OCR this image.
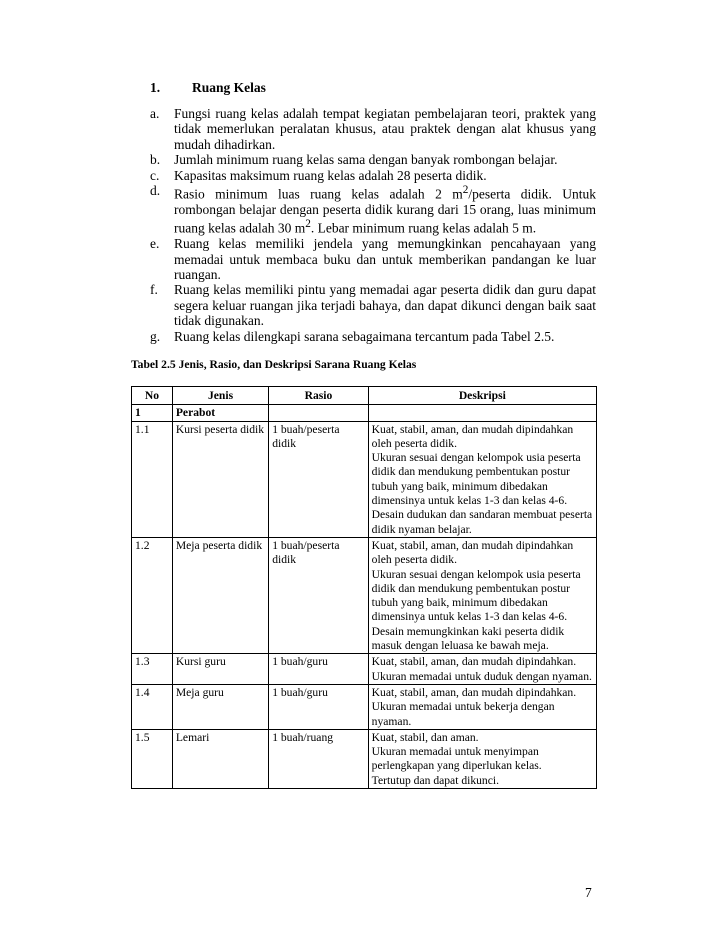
1. Ruang Kelas
a. Fungsi ruang kelas adalah tempat kegiatan pembelajaran teori, praktek yang tidak memerlukan peralatan khusus, atau praktek dengan alat khusus yang mudah dihadirkan.
b. Jumlah minimum ruang kelas sama dengan banyak rombongan belajar.
c. Kapasitas maksimum ruang kelas adalah 28 peserta didik.
d. Rasio minimum luas ruang kelas adalah 2 $m^2$/peserta didik. Untuk rombongan belajar dengan peserta didik kurang dari 15 orang, luas minimum ruang kelas adalah 30 $m^2$. Lebar minimum ruang kelas adalah 5 m.
e. Ruang kelas memiliki jendela yang memungkinkan pencahayaan yang memadai untuk membaca buku dan untuk memberikan pandangan ke luar ruangan.
f. Ruang kelas memiliki pintu yang memadai agar peserta didik dan guru dapat segera keluar ruangan jika terjadi bahaya, dan dapat dikunci dengan baik saat tidak digunakan.
g. Ruang kelas dilengkapi sarana sebagaimana tercantum pada Tabel 2.5.
Tabel 2.5 Jenis, Rasio, dan Deskripsi Sarana Ruang Kelas
No	Jenis	Rasio	Deskripsi
1	Perabot		
1.1	Kursi peserta didik	1 buah/peserta didik	Kuat, stabil, aman, dan mudah dipindahkan oleh peserta didik.
Ukuran sesuai dengan kelompok usia peserta didik dan mendukung pembentukan postur tubuh yang baik, minimum dibedakan dimensinya untuk kelas 1-3 dan kelas 4-6.
Desain dudukan dan sandaran membuat peserta didik nyaman belajar.

1.2	Meja peserta didik	1 buah/peserta didik	Kuat, stabil, aman, dan mudah dipindahkan oleh peserta didik.
Ukuran sesuai dengan kelompok usia peserta didik dan mendukung pembentukan postur tubuh yang baik, minimum dibedakan dimensinya untuk kelas 1-3 dan kelas 4-6.
Desain memungkinkan kaki peserta didik masuk dengan leluasa ke bawah meja.

1.3	Kursi guru	1 buah/guru	Kuat, stabil, aman, dan mudah dipindahkan.
Ukuran memadai untuk duduk dengan nyaman.

1.4	Meja guru	1 buah/guru	Kuat, stabil, aman, dan mudah dipindahkan.
Ukuran memadai untuk bekerja dengan nyaman.

1.5	Lemari	1 buah/ruang	Kuat, stabil, dan aman.
Ukuran memadai untuk menyimpan perlengkapan yang diperlukan kelas.
Tertutup dan dapat dikunci.
7
